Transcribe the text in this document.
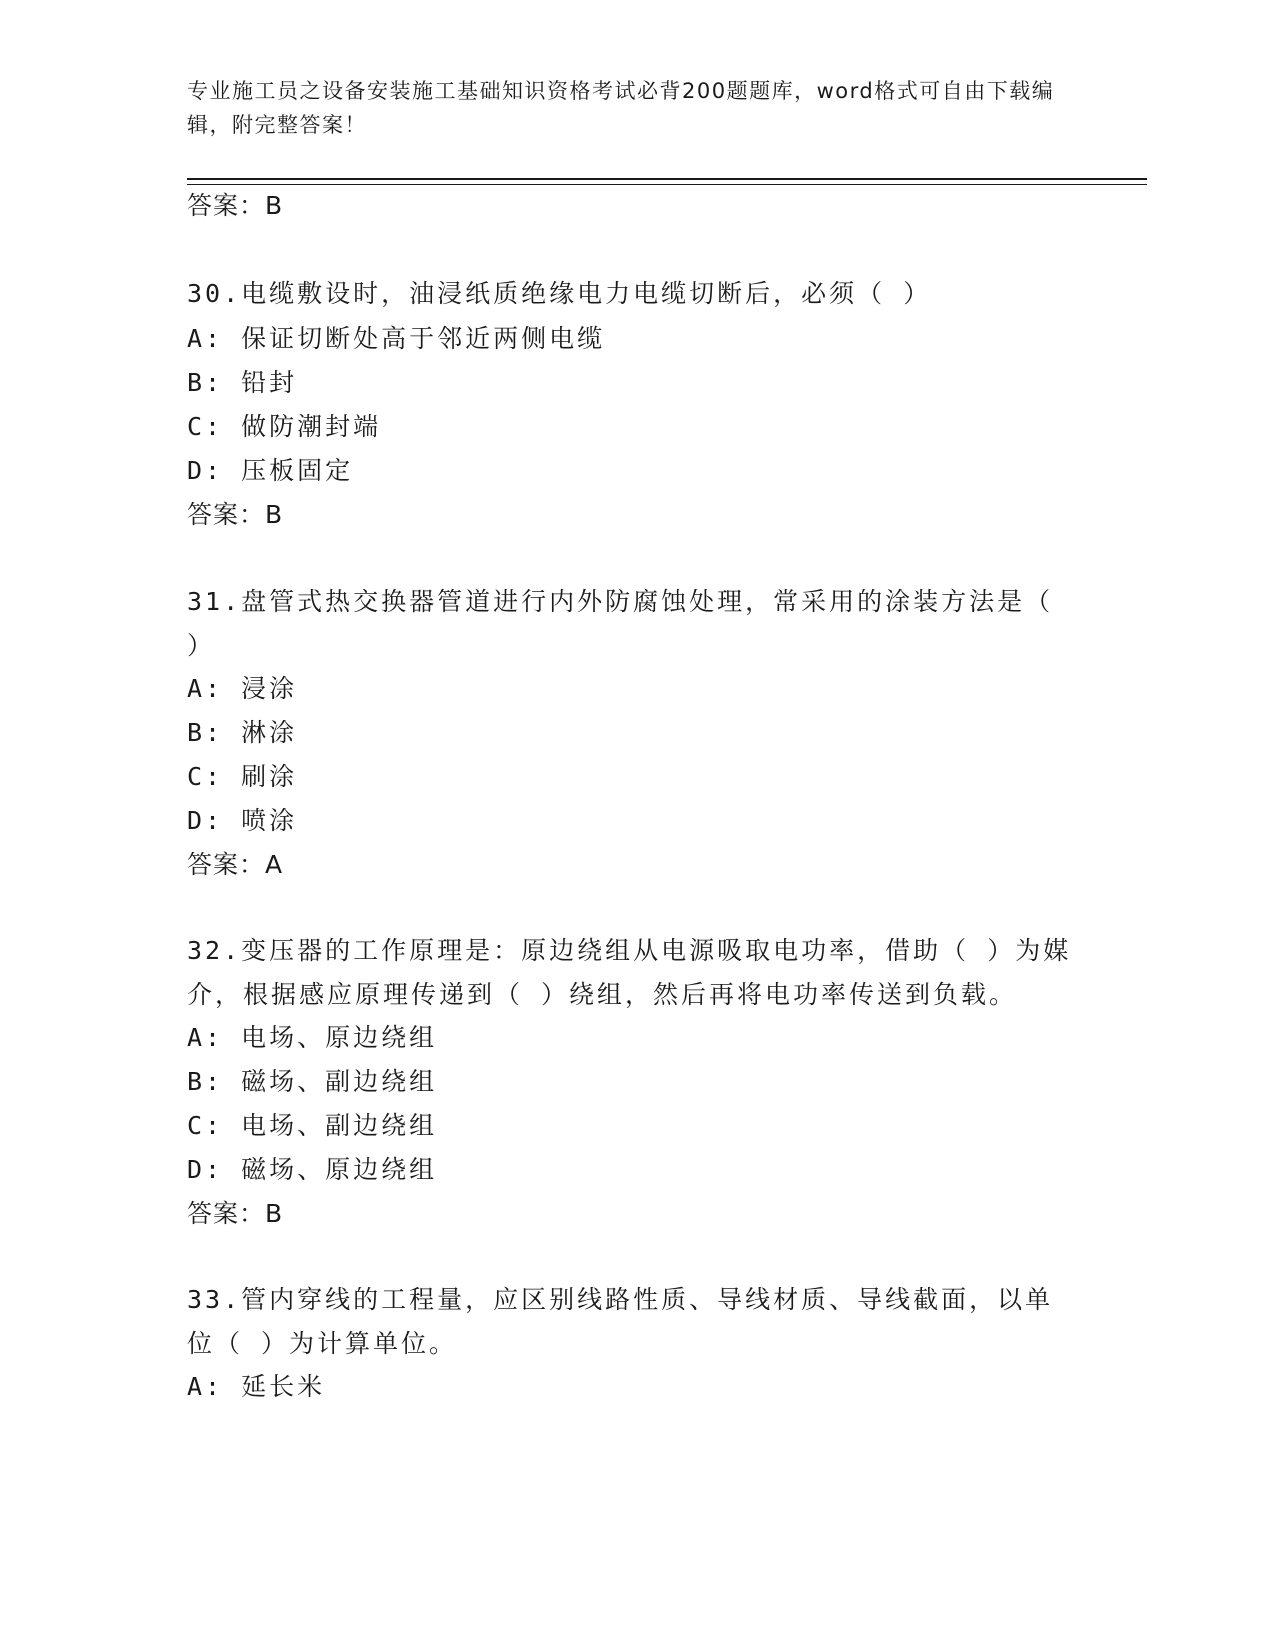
专业施工员之设备安装施工基础知识资格考试必背200题题库，word格式可自由下载编辑，附完整答案！
答案：B
30.电缆敷设时，油浸纸质绝缘电力电缆切断后，必须（ ）
A: 保证切断处高于邻近两侧电缆
B: 铅封
C: 做防潮封端
D: 压板固定
答案：B
31.盘管式热交换器管道进行内外防腐蚀处理，常采用的涂装方法是（ ）
A: 浸涂
B: 淋涂
C: 刷涂
D: 喷涂
答案：A
32.变压器的工作原理是：原边绕组从电源吸取电功率，借助（ ）为媒介，根据感应原理传递到（ ）绕组，然后再将电功率传送到负载。
A: 电场、原边绕组
B: 磁场、副边绕组
C: 电场、副边绕组
D: 磁场、原边绕组
答案：B
33.管内穿线的工程量，应区别线路性质、导线材质、导线截面，以单位（ ）为计算单位。
A: 延长米
